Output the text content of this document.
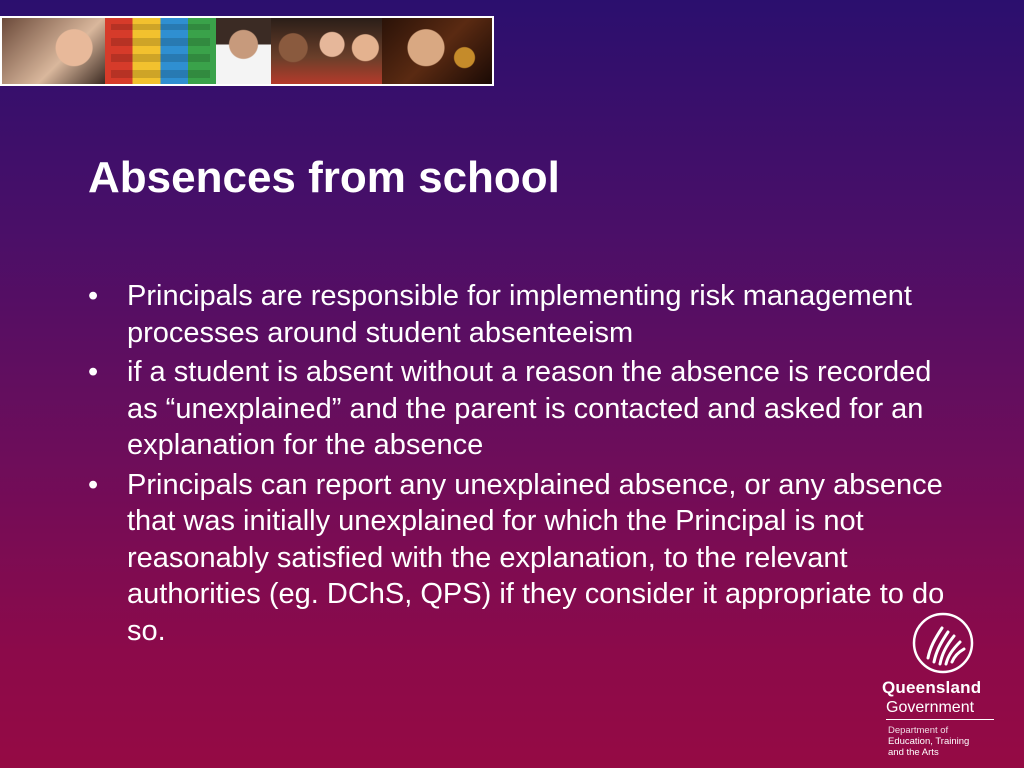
Absences from school
• Principals are responsible for implementing risk management processes around student absenteeism
• if a student is absent without a reason the absence is recorded as “unexplained” and the parent is contacted and asked for an explanation for the absence
• Principals can report any unexplained absence, or any absence that was initially unexplained for which the Principal is not reasonably satisfied with the explanation, to the relevant authorities (eg. DChS, QPS) if they consider it appropriate to do so.
Queensland
Government
Department of
Education, Training
and the Arts
